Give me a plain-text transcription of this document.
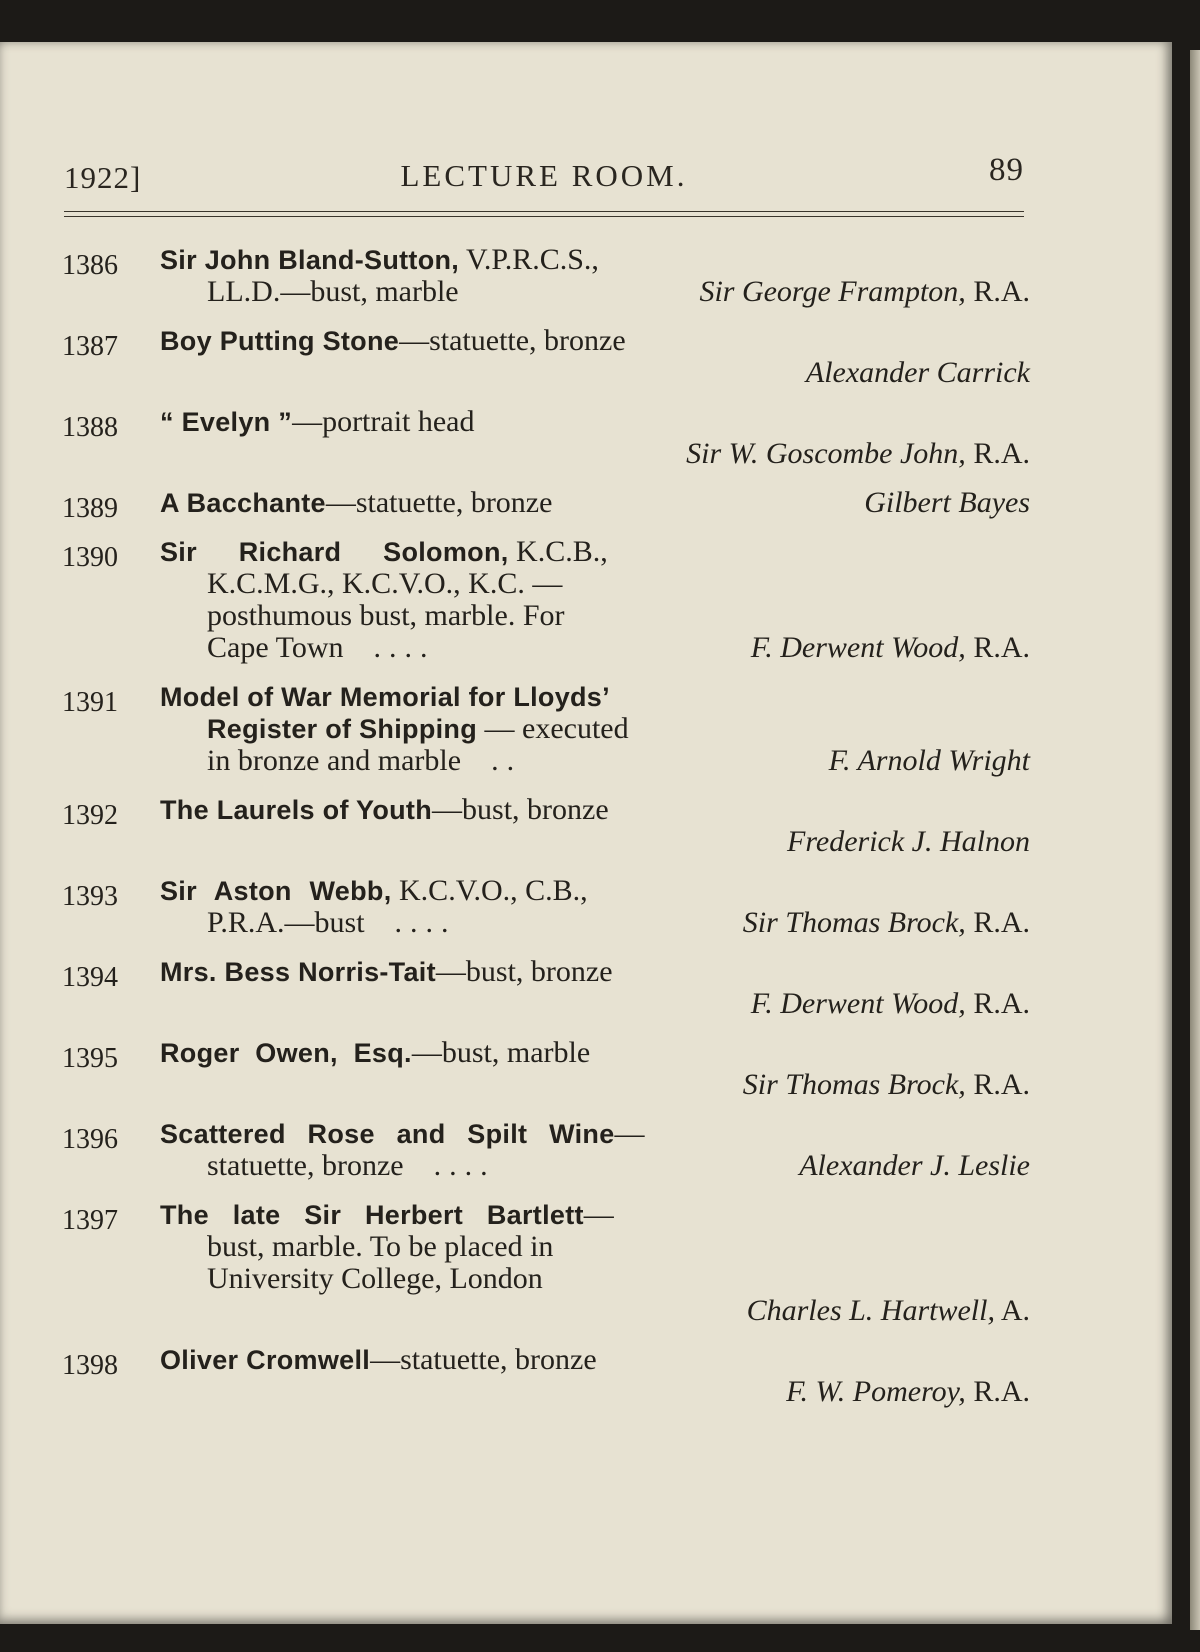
1922]	LECTURE ROOM.	89
1386 Sir John Bland-Sutton, V.P.R.C.S.,
LL.D.—bust, marble	Sir George Frampton, R.A.
1387 Boy Putting Stone—statuette, bronze
Alexander Carrick
1388 “ Evelyn ”—portrait head
Sir W. Goscombe John, R.A.
1389 A Bacchante—statuette, bronze	Gilbert Bayes
1390 Sir Richard Solomon, K.C.B.,
K.C.M.G., K.C.V.O., K.C. —
posthumous bust, marble. For
Cape Town ....	F. Derwent Wood, R.A.
1391 Model of War Memorial for Lloyds’
Register of Shipping — executed
in bronze and marble ..	F. Arnold Wright
1392 The Laurels of Youth—bust, bronze
Frederick J. Halnon
1393 Sir Aston Webb, K.C.V.O., C.B.,
P.R.A.—bust ....	Sir Thomas Brock, R.A.
1394 Mrs. Bess Norris-Tait—bust, bronze
F. Derwent Wood, R.A.
1395 Roger Owen, Esq.—bust, marble
Sir Thomas Brock, R.A.
1396 Scattered Rose and Spilt Wine—
statuette, bronze ....	Alexander J. Leslie
1397 The late Sir Herbert Bartlett—
bust, marble. To be placed in
University College, London
Charles L. Hartwell, A.
1398 Oliver Cromwell—statuette, bronze
F. W. Pomeroy, R.A.
